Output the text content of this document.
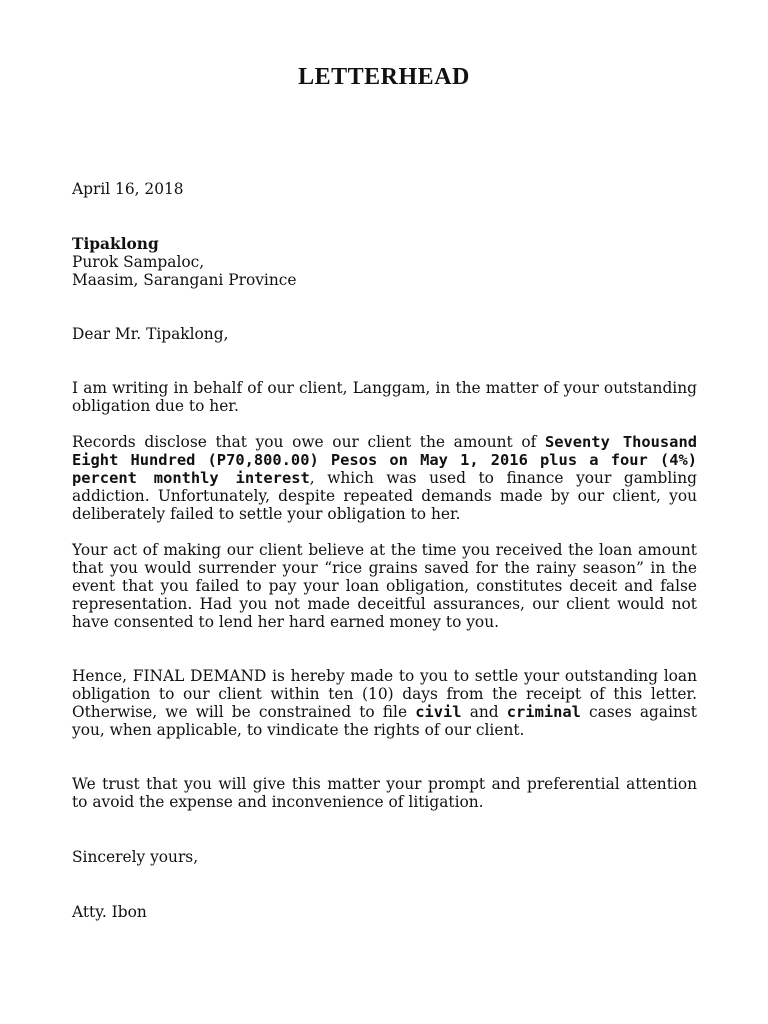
LETTERHEAD
April 16, 2018
Tipaklong
Purok Sampaloc,
Maasim, Sarangani Province
Dear Mr. Tipaklong,
I am writing in behalf of our client, Langgam, in the matter of your outstanding obligation due to her.
Records disclose that you owe our client the amount of Seventy Thousand Eight Hundred (P70,800.00) Pesos on May 1, 2016 plus a four (4%) percent monthly interest, which was used to finance your gambling addiction. Unfortunately, despite repeated demands made by our client, you deliberately failed to settle your obligation to her.
Your act of making our client believe at the time you received the loan amount that you would surrender your “rice grains saved for the rainy season” in the event that you failed to pay your loan obligation, constitutes deceit and false representation. Had you not made deceitful assurances, our client would not have consented to lend her hard earned money to you.
Hence, FINAL DEMAND is hereby made to you to settle your outstanding loan obligation to our client within ten (10) days from the receipt of this letter. Otherwise, we will be constrained to file civil and criminal cases against you, when applicable, to vindicate the rights of our client.
We trust that you will give this matter your prompt and preferential attention to avoid the expense and inconvenience of litigation.
Sincerely yours,
Atty. Ibon
